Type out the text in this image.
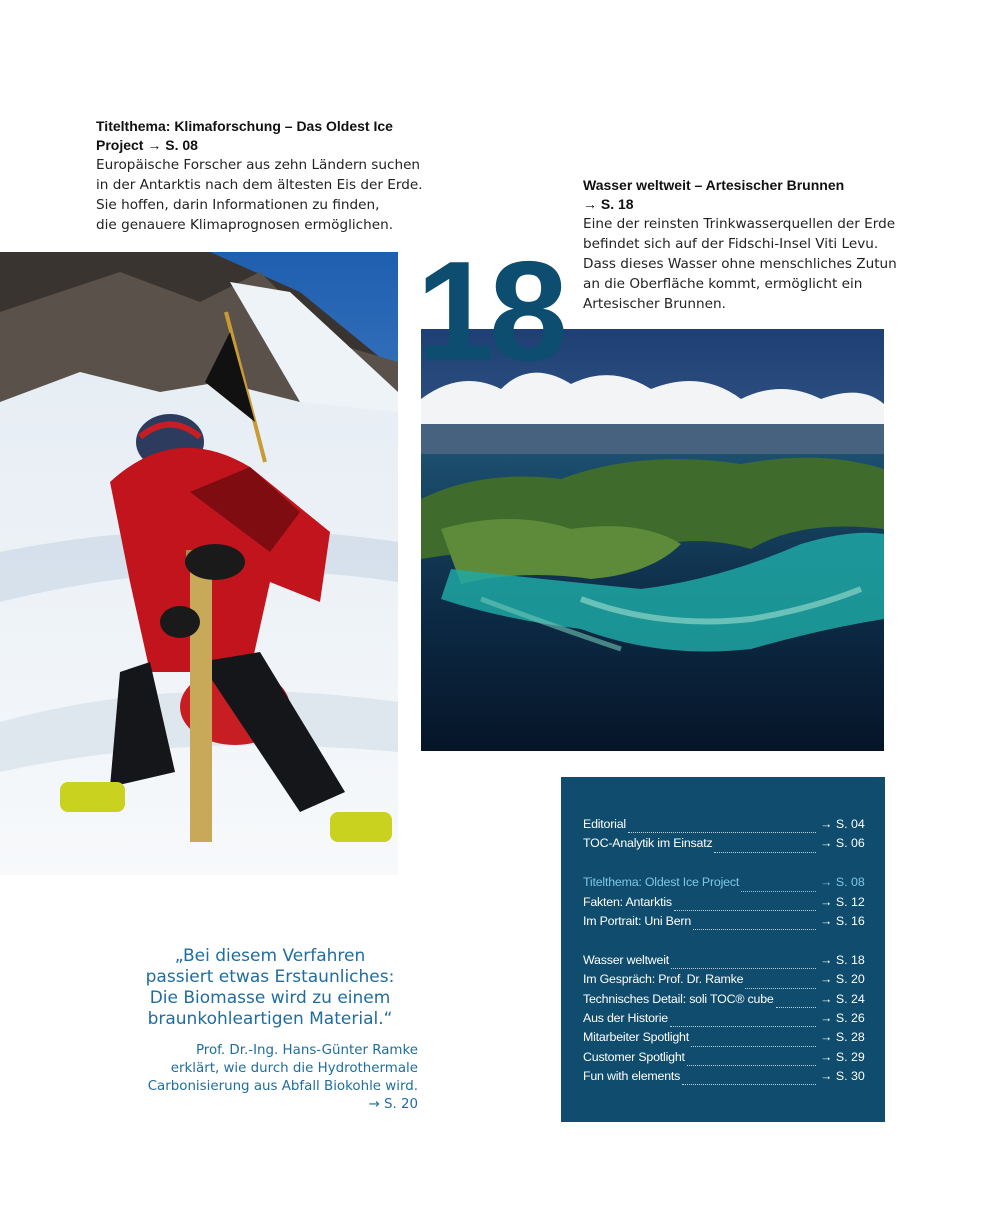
Titelthema: Klimaforschung – Das Oldest Ice
Project → S. 08
Europäische Forscher aus zehn Ländern suchen
in der Antarktis nach dem ältesten Eis der Erde.
Sie hoffen, darin Informationen zu finden,
die genauere Klimaprognosen ermöglichen.
Wasser weltweit – Artesischer Brunnen
→ S. 18
Eine der reinsten Trinkwasserquellen der Erde
befindet sich auf der Fidschi-Insel Viti Levu.
Dass dieses Wasser ohne menschliches Zutun
an die Oberfläche kommt, ermöglicht ein
Artesischer Brunnen.
18
„Bei diesem Verfahren
passiert etwas Erstaunliches:
Die Biomasse wird zu einem
braunkohleartigen Material.“
Prof. Dr.-Ing. Hans-Günter Ramke
erklärt, wie durch die Hydrothermale
Carbonisierung aus Abfall Biokohle wird.
→ S. 20
Editorial	→ S. 04
TOC-Analytik im Einsatz	→ S. 06
Titelthema: Oldest Ice Project	→ S. 08
Fakten: Antarktis	→ S. 12
Im Portrait: Uni Bern	→ S. 16
Wasser weltweit	→ S. 18
Im Gespräch: Prof. Dr. Ramke	→ S. 20
Technisches Detail: soli TOC® cube	→ S. 24
Aus der Historie	→ S. 26
Mitarbeiter Spotlight	→ S. 28
Customer Spotlight	→ S. 29
Fun with elements	→ S. 30
